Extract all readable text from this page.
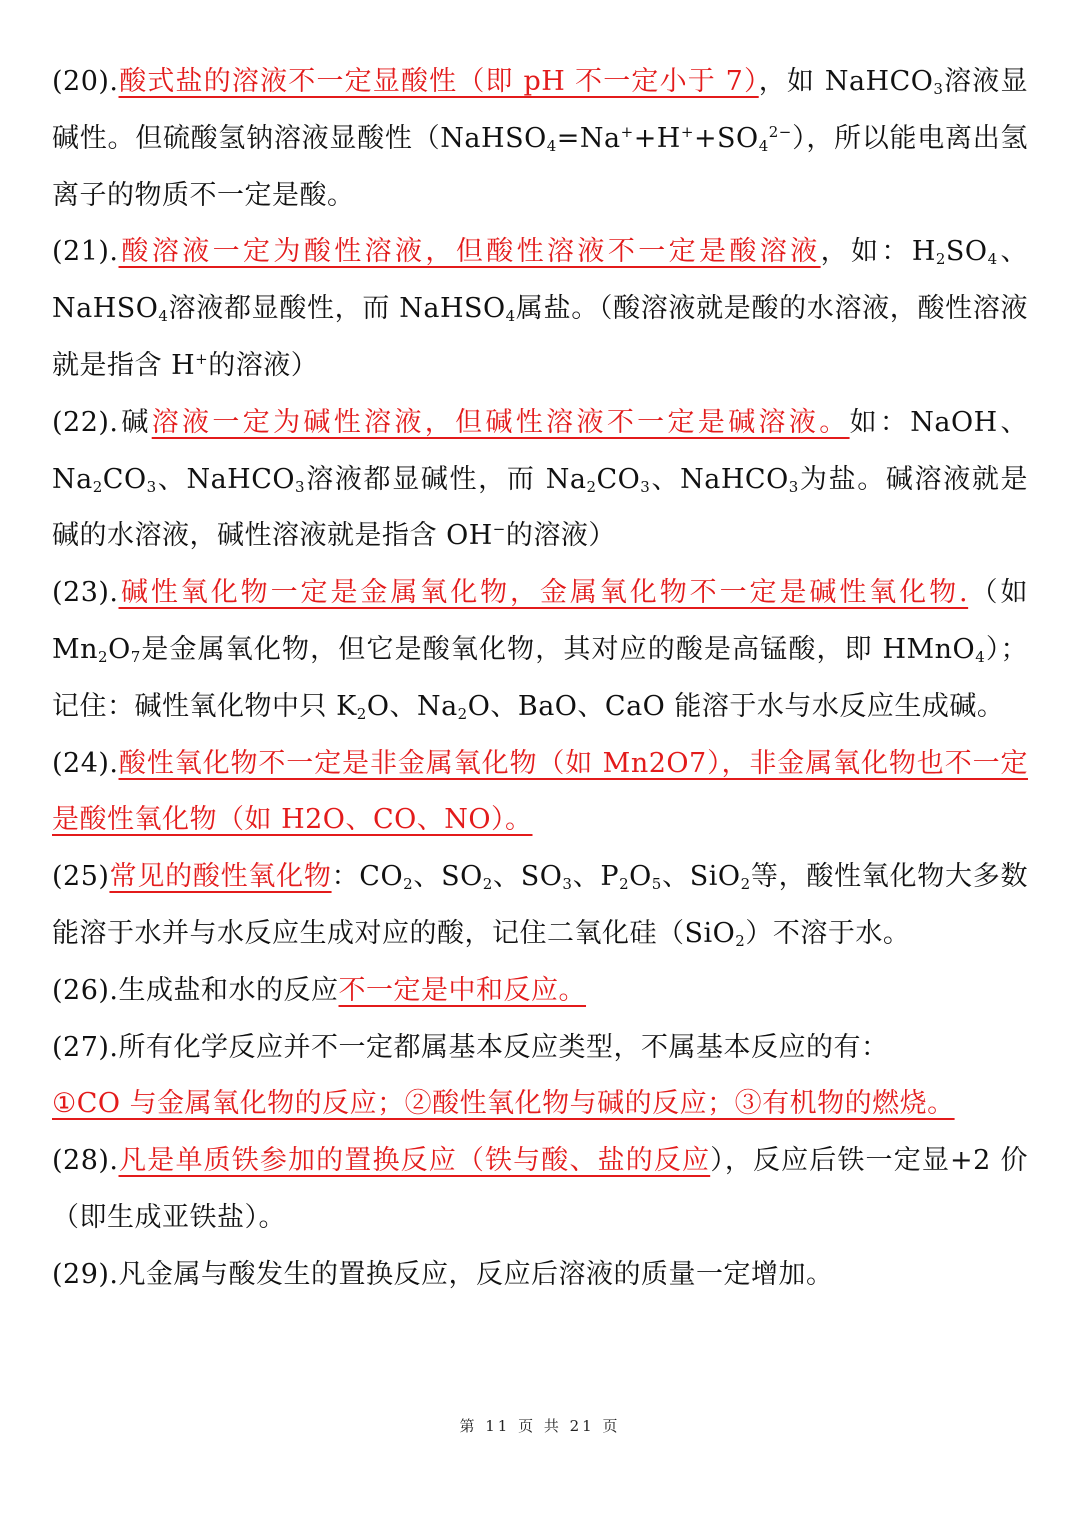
(20).酸式盐的溶液不一定显酸性（即 pH 不一定小于 7），如 NaHCO$_3$溶液显碱性。但硫酸氢钠溶液显酸性$(NaHSO_4=Na^++H^++SO_4^{2-})$，所以能电离出氢离子的物质不一定是酸。

(21).酸溶液一定为酸性溶液，但酸性溶液不一定是酸溶液，如：$H_2SO_4$、NaHSO$_4$溶液都显酸性，而 NaHSO$_4$属盐。（酸溶液就是酸的水溶液，酸性溶液就是指含 H+的溶液）

(22).碱溶液一定为碱性溶液，但碱性溶液不一定是碱溶液。如：NaOH、$Na_2CO_3$、NaHCO$_3$溶液都显碱性，而 $Na_2CO_3$、NaHCO$_3$为盐。碱溶液就是碱的水溶液，碱性溶液就是指含 OH−的溶液）

(23).碱性氧化物一定是金属氧化物，金属氧化物不一定是碱性氧化物.（如 $Mn_2O_7$是金属氧化物，但它是酸氧化物，其对应的酸是高锰酸，即 HMnO$_4$）；记住：碱性氧化物中只 $K_2O$、$Na_2O$、BaO、CaO 能溶于水与水反应生成碱。

(24).酸性氧化物不一定是非金属氧化物（如 Mn2O7），非金属氧化物也不一定是酸性氧化物（如 H2O、CO、NO）。

(25)常见的酸性氧化物：$CO_2$、$SO_2$、$SO_3$、$P_2O_5$、SiO$_2$等，酸性氧化物大多数能溶于水并与水反应生成对应的酸，记住二氧化硅（SiO$_2$）不溶于水。

(26).生成盐和水的反应不一定是中和反应。

(27).所有化学反应并不一定都属基本反应类型，不属基本反应的有：

①CO 与金属氧化物的反应；②酸性氧化物与碱的反应；③有机物的燃烧。

(28).凡是单质铁参加的置换反应（铁与酸、盐的反应），反应后铁一定显+2 价（即生成亚铁盐）。

(29).凡金属与酸发生的置换反应，反应后溶液的质量一定增加。

第 11 页 共 21 页
